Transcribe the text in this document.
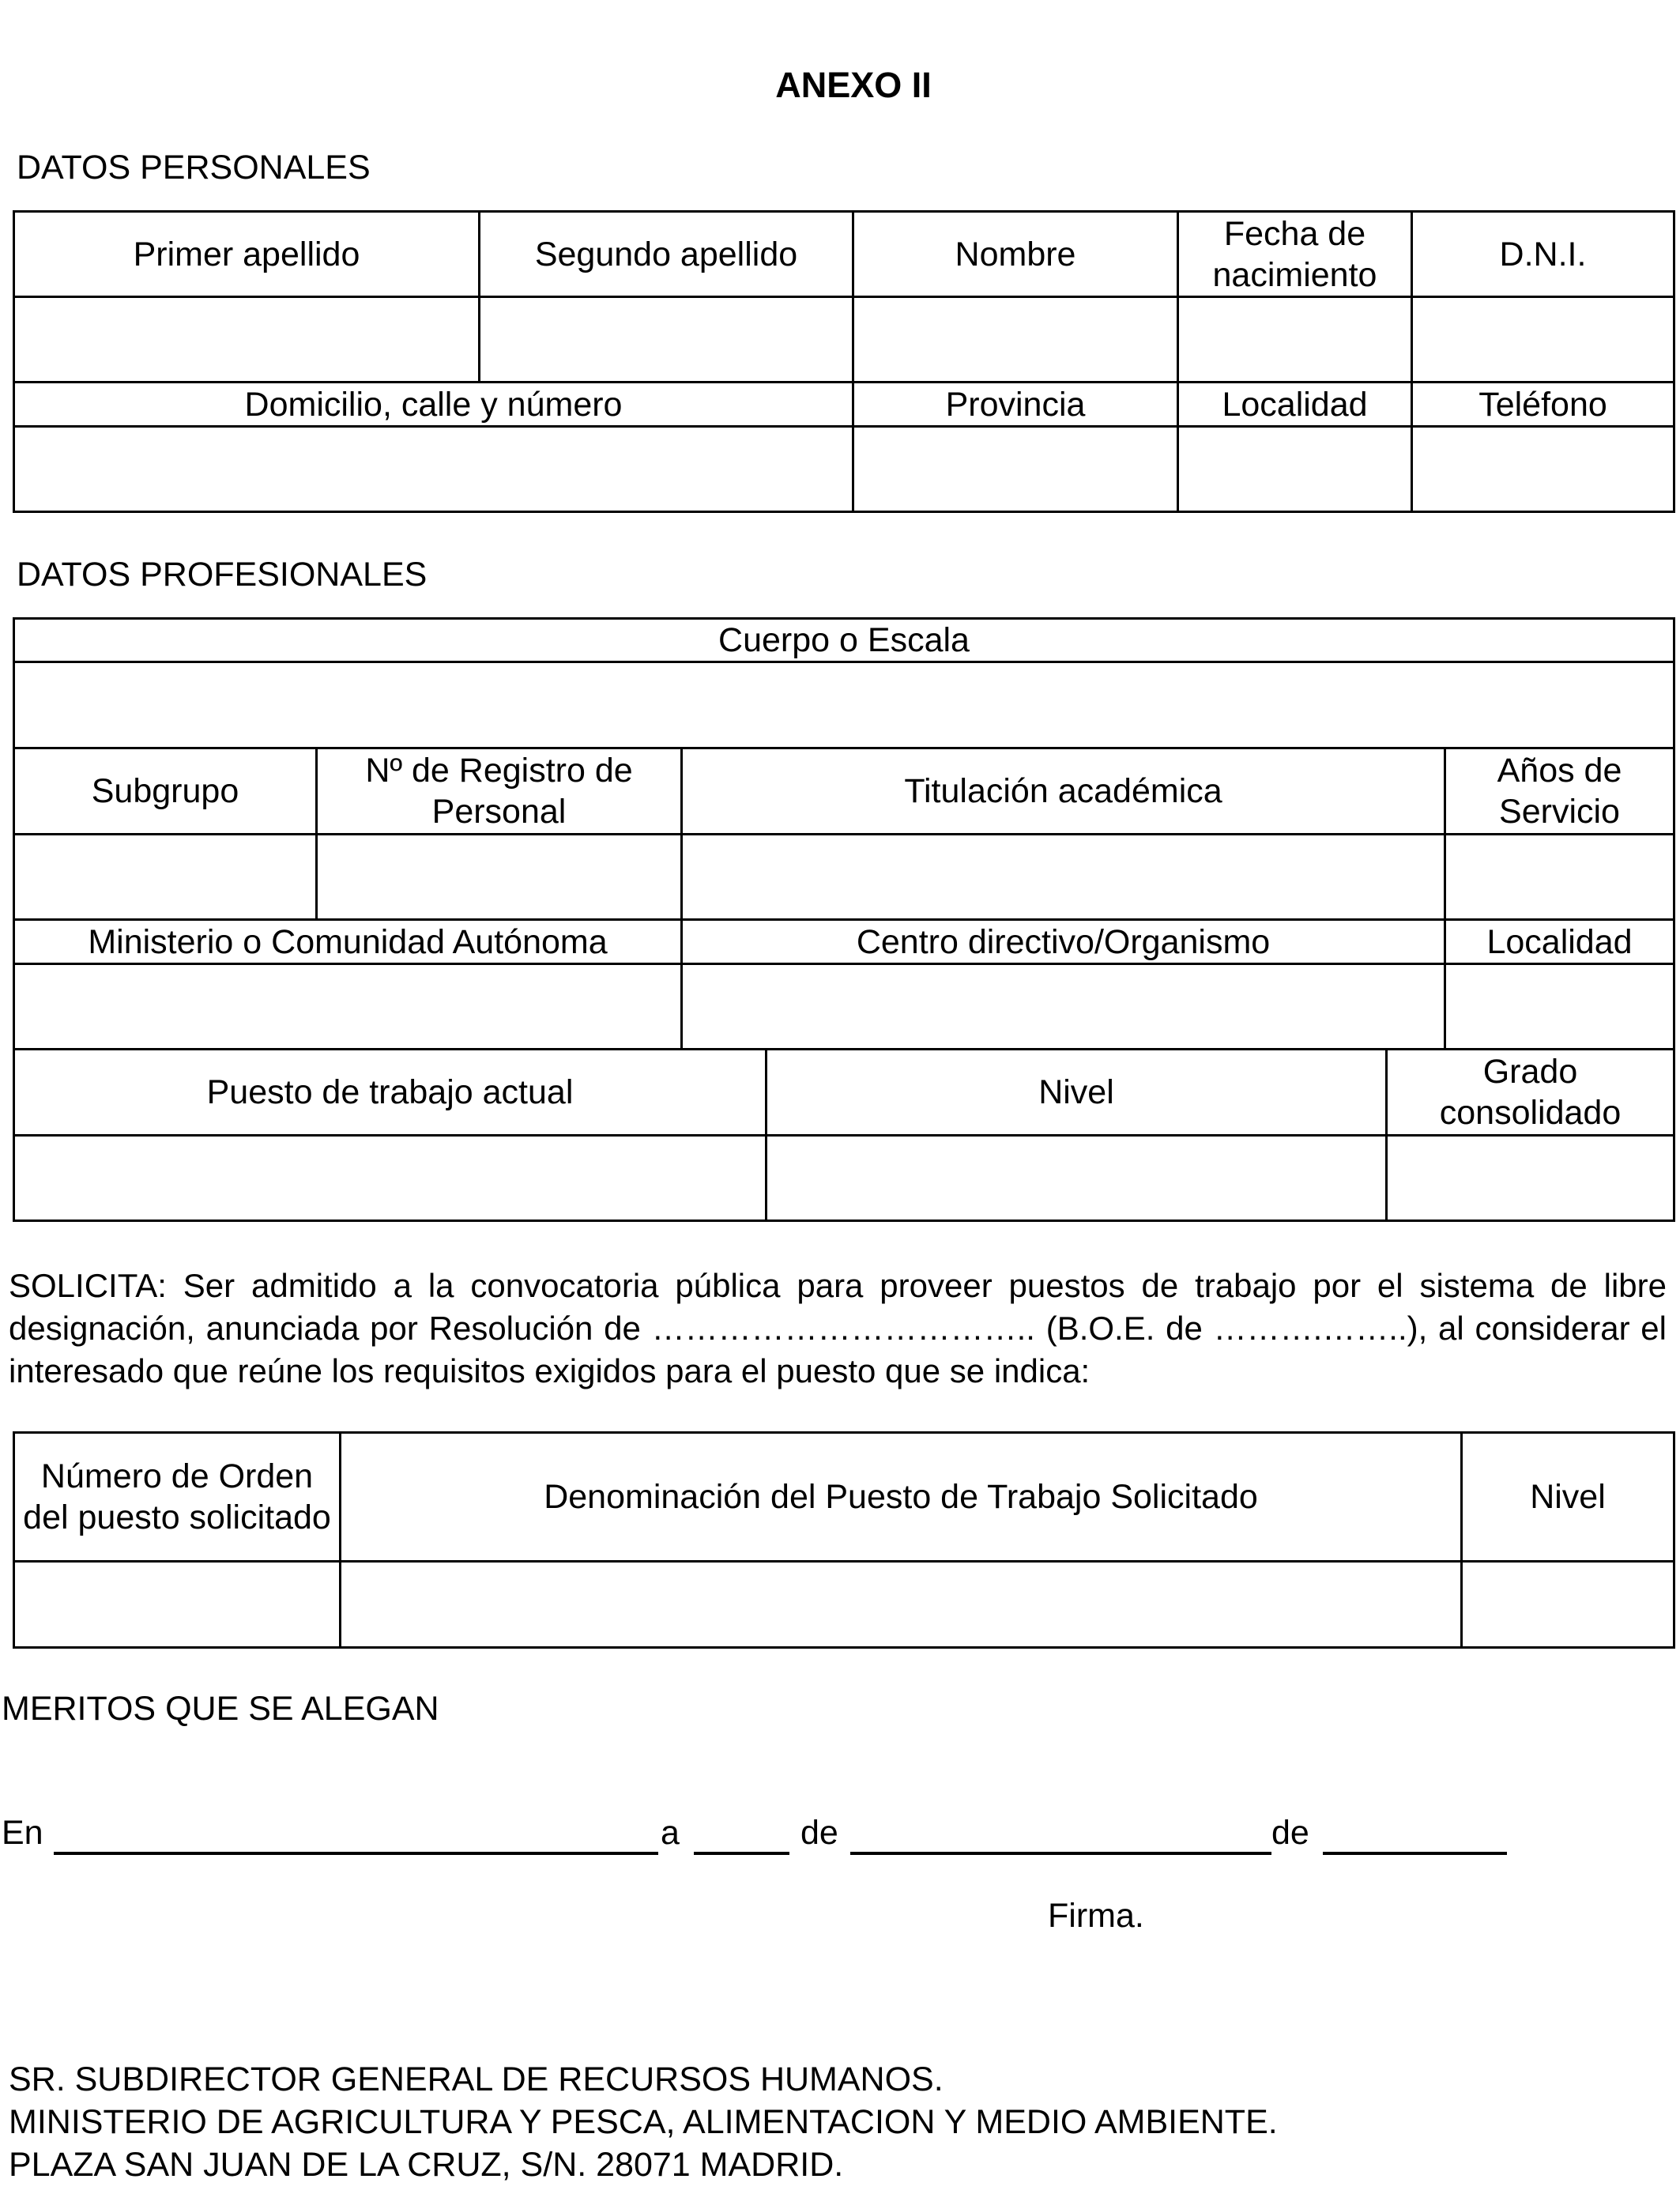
ANEXO II
DATOS PERSONALES
Primer apellido	Segundo apellido	Nombre	Fecha de nacimiento	D.N.I.

Domicilio, calle y número		Provincia	Localidad	Teléfono

DATOS PROFESIONALES
Cuerpo o Escala					

Subgrupo	Nº de Registro de Personal	Titulación académica			Años de Servicio

Ministerio o Comunidad Autónoma		Centro directivo/Organismo			Localidad

Puesto de trabajo actual			Nivel	Grado consolidado	

SOLICITA: Ser admitido a la convocatoria pública para proveer puestos de trabajo por el sistema de libre designación, anunciada por Resolución de …………………………….. (B.O.E. de ……….……..), al considerar el interesado que reúne los requisitos exigidos para el puesto que se indica:
Número de Orden del puesto solicitado	Denominación del Puesto de Trabajo Solicitado	Nivel

MERITOS QUE SE ALEGAN
En	a	de	de
Firma.
SR. SUBDIRECTOR GENERAL DE RECURSOS HUMANOS.
MINISTERIO DE AGRICULTURA Y PESCA, ALIMENTACION Y MEDIO AMBIENTE.
PLAZA SAN JUAN DE LA CRUZ, S/N. 28071 MADRID.
